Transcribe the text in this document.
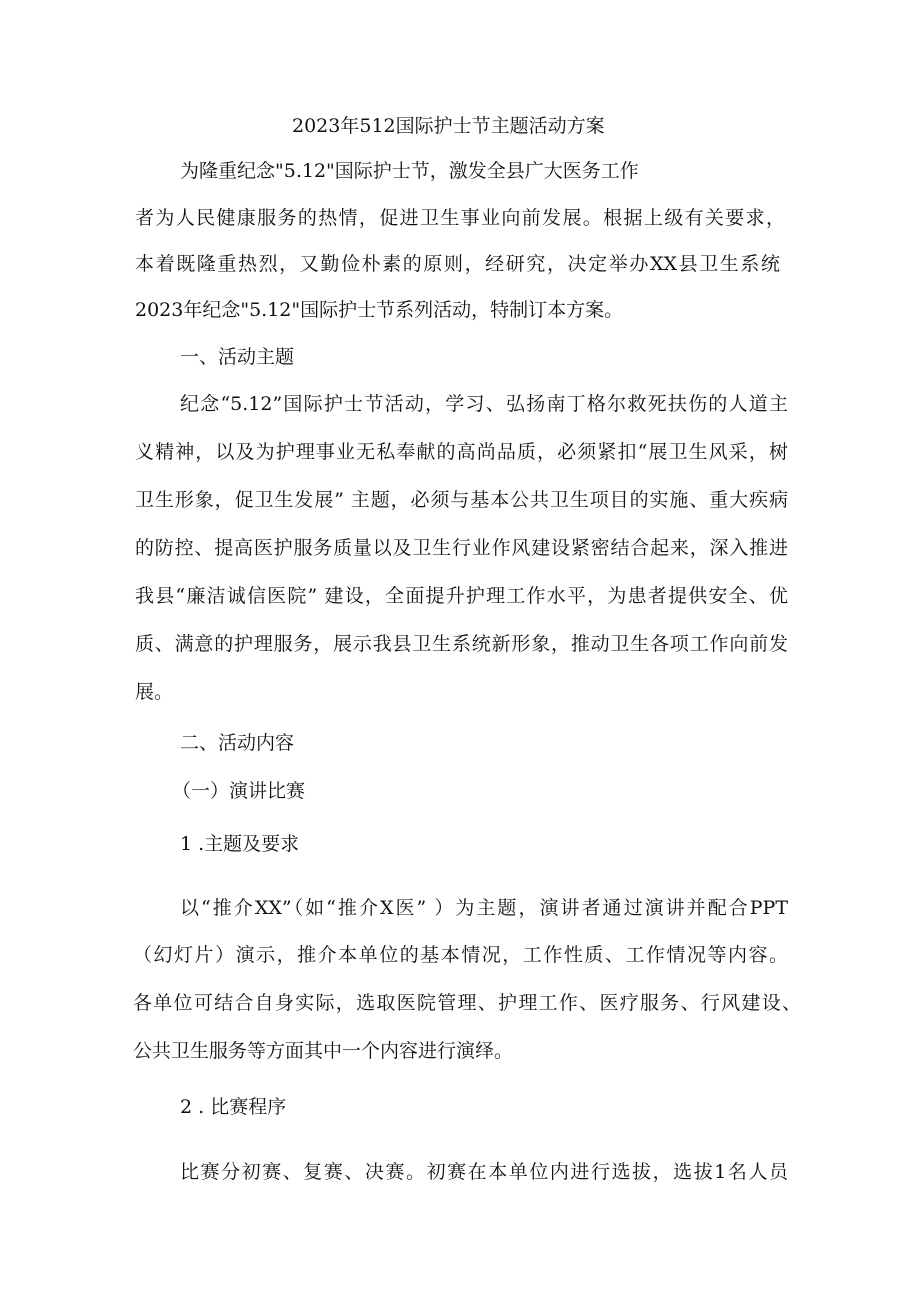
2023年512国际护士节主题活动方案

为隆重纪念"5.12"国际护士节，激发全县广大医务工作

者为人民健康服务的热情，促进卫生事业向前发展。根据上级有关要求，

本着既隆重热烈，又勤俭朴素的原则，经研究，决定举办XX县卫生系统

2023年纪念"5.12"国际护士节系列活动，特制订本方案。

一、活动主题

纪念“5.12”国际护士节活动，学习、弘扬南丁格尔救死扶伤的人道主

义精神，以及为护理事业无私奉献的高尚品质，必须紧扣“展卫生风采，树

卫生形象，促卫生发展” 主题，必须与基本公共卫生项目的实施、重大疾病

的防控、提高医护服务质量以及卫生行业作风建设紧密结合起来，深入推进

我县“廉洁诚信医院” 建设，全面提升护理工作水平，为患者提供安全、优

质、满意的护理服务，展示我县卫生系统新形象，推动卫生各项工作向前发

展。

二、活动内容

（一）演讲比赛

1 .主题及要求

以“推介XX”（如“推介X医” ）为主题，演讲者通过演讲并配合PPT

（幻灯片）演示，推介本单位的基本情况，工作性质、工作情况等内容。

各单位可结合自身实际，选取医院管理、护理工作、医疗服务、行风建设、

公共卫生服务等方面其中一个内容进行演绎。

2 . 比赛程序

比赛分初赛、复赛、决赛。初赛在本单位内进行选拔，选拔1名人员
